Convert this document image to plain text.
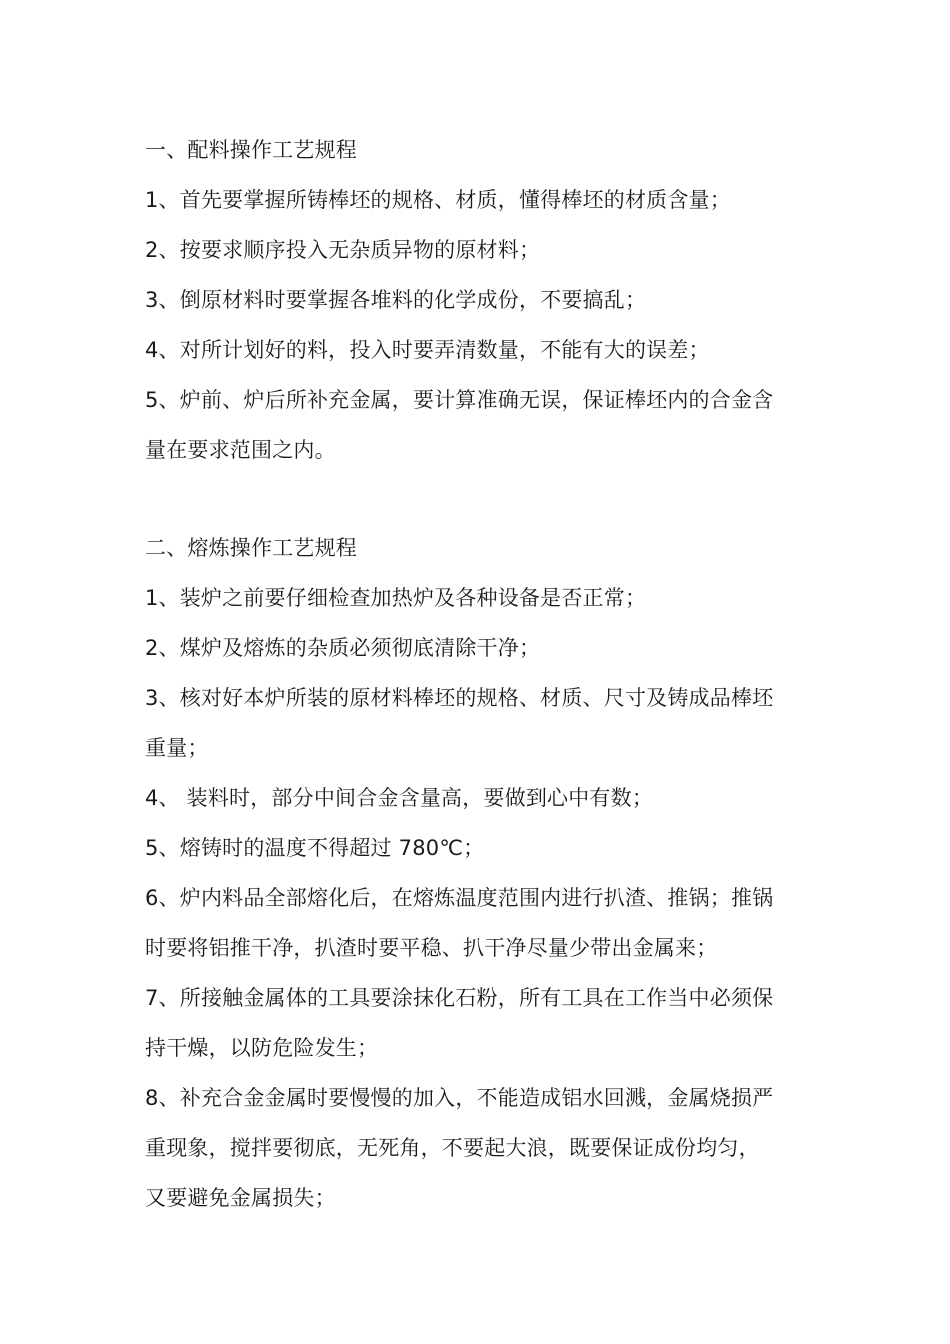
一、配料操作工艺规程
1、首先要掌握所铸棒坯的规格、材质，懂得棒坯的材质含量；
2、按要求顺序投入无杂质异物的原材料；
3、倒原材料时要掌握各堆料的化学成份，不要搞乱；
4、对所计划好的料，投入时要弄清数量，不能有大的误差；
5、炉前、炉后所补充金属，要计算准确无误，保证棒坯内的合金含
量在要求范围之内。
二、熔炼操作工艺规程
1、装炉之前要仔细检查加热炉及各种设备是否正常；
2、煤炉及熔炼的杂质必须彻底清除干净；
3、核对好本炉所装的原材料棒坯的规格、材质、尺寸及铸成品棒坯
重量；
4、 装料时，部分中间合金含量高，要做到心中有数；
5、熔铸时的温度不得超过 780℃；
6、炉内料品全部熔化后，在熔炼温度范围内进行扒渣、推锅；推锅
时要将铝推干净，扒渣时要平稳、扒干净尽量少带出金属来；
7、所接触金属体的工具要涂抹化石粉，所有工具在工作当中必须保
持干燥，以防危险发生；
8、补充合金金属时要慢慢的加入，不能造成铝水回溅，金属烧损严
重现象，搅拌要彻底，无死角，不要起大浪，既要保证成份均匀，
又要避免金属损失；
